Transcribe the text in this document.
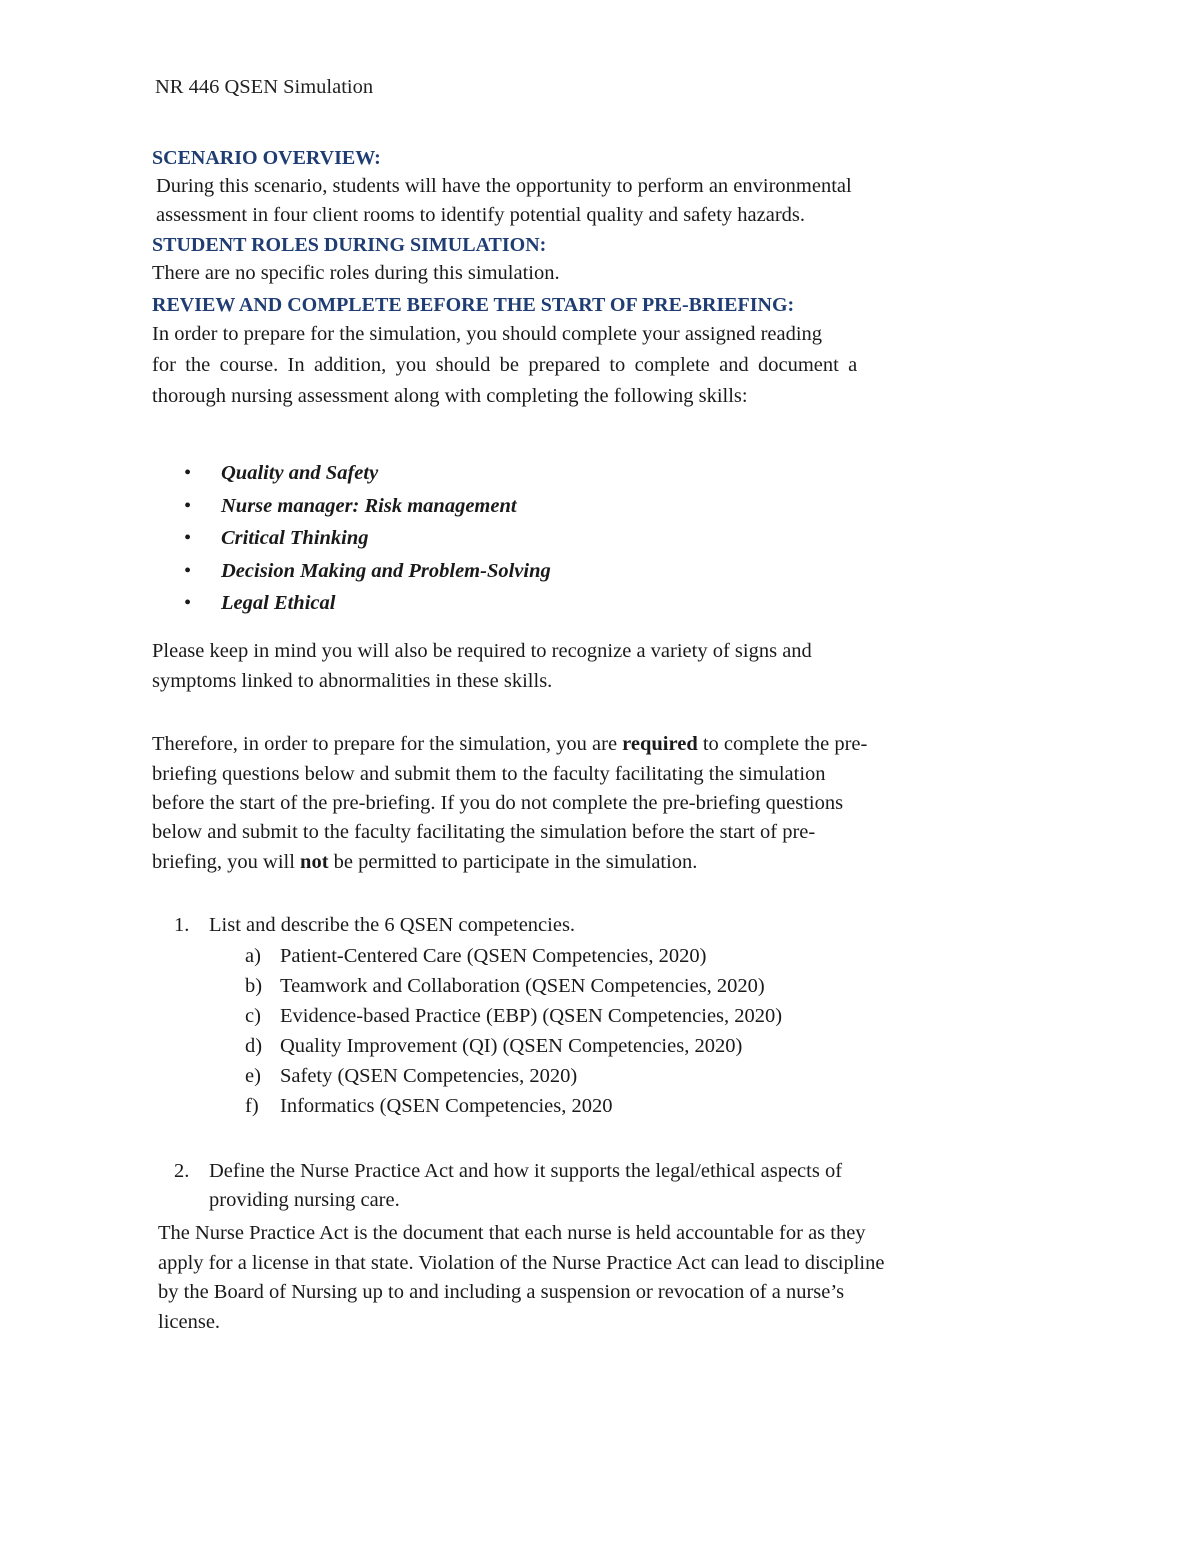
NR 446 QSEN Simulation
SCENARIO OVERVIEW:
During this scenario, students will have the opportunity to perform an environmental
assessment in four client rooms to identify potential quality and safety hazards.
STUDENT ROLES DURING SIMULATION:
There are no specific roles during this simulation.
REVIEW AND COMPLETE BEFORE THE START OF PRE-BRIEFING:
In order to prepare for the simulation, you should complete your assigned reading
for the course. In addition, you should be prepared to complete and document a
thorough nursing assessment along with completing the following skills:
• Quality and Safety
• Nurse manager: Risk management
• Critical Thinking
• Decision Making and Problem-Solving
• Legal Ethical
Please keep in mind you will also be required to recognize a variety of signs and
symptoms linked to abnormalities in these skills.
Therefore, in order to prepare for the simulation, you are required to complete the pre-
briefing questions below and submit them to the faculty facilitating the simulation
before the start of the pre-briefing. If you do not complete the pre-briefing questions
below and submit to the faculty facilitating the simulation before the start of pre-
briefing, you will not be permitted to participate in the simulation.
1. List and describe the 6 QSEN competencies.
a) Patient-Centered Care (QSEN Competencies, 2020)
b) Teamwork and Collaboration (QSEN Competencies, 2020)
c) Evidence-based Practice (EBP) (QSEN Competencies, 2020)
d) Quality Improvement (QI) (QSEN Competencies, 2020)
e) Safety (QSEN Competencies, 2020)
f) Informatics (QSEN Competencies, 2020
2. Define the Nurse Practice Act and how it supports the legal/ethical aspects of
providing nursing care.
The Nurse Practice Act is the document that each nurse is held accountable for as they
apply for a license in that state. Violation of the Nurse Practice Act can lead to discipline
by the Board of Nursing up to and including a suspension or revocation of a nurse’s
license.
